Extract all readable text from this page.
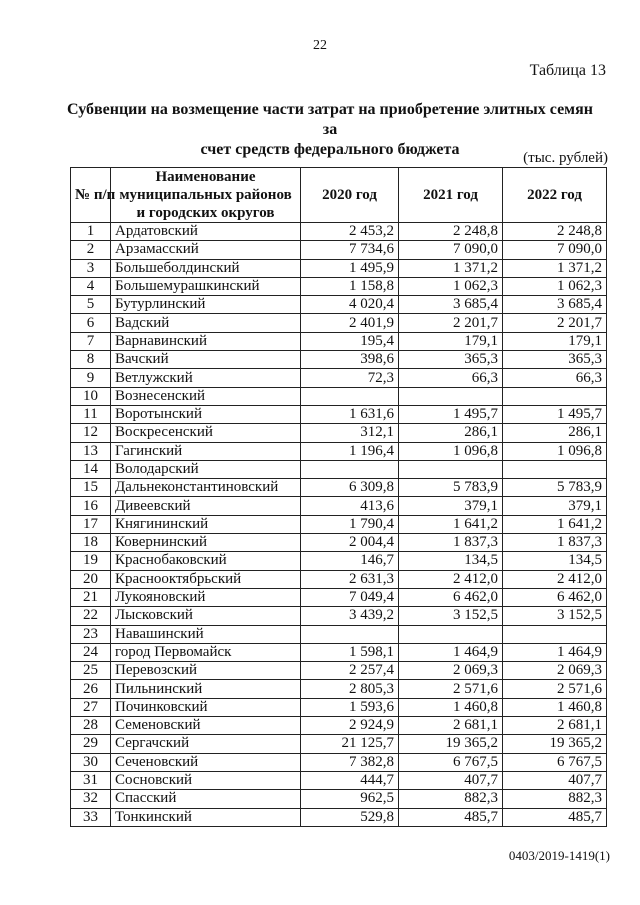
22
Таблица 13
Субвенции на возмещение части затрат на приобретение элитных семян за
счет средств федерального бюджета	(тыс. рублей)
№ п/п	Наименование муниципальных районов и городских округов	2020 год	2021 год	2022 год
1	Ардатовский	2 453,2	2 248,8	2 248,8
2	Арзамасский	7 734,6	7 090,0	7 090,0
3	Большеболдинский	1 495,9	1 371,2	1 371,2
4	Большемурашкинский	1 158,8	1 062,3	1 062,3
5	Бутурлинский	4 020,4	3 685,4	3 685,4
6	Вадский	2 401,9	2 201,7	2 201,7
7	Варнавинский	195,4	179,1	179,1
8	Вачский	398,6	365,3	365,3
9	Ветлужский	72,3	66,3	66,3
10	Вознесенский			
11	Воротынский	1 631,6	1 495,7	1 495,7
12	Воскресенский	312,1	286,1	286,1
13	Гагинский	1 196,4	1 096,8	1 096,8
14	Володарский			
15	Дальнеконстантиновский	6 309,8	5 783,9	5 783,9
16	Дивеевский	413,6	379,1	379,1
17	Княгининский	1 790,4	1 641,2	1 641,2
18	Ковернинский	2 004,4	1 837,3	1 837,3
19	Краснобаковский	146,7	134,5	134,5
20	Краснооктябрьский	2 631,3	2 412,0	2 412,0
21	Лукояновский	7 049,4	6 462,0	6 462,0
22	Лысковский	3 439,2	3 152,5	3 152,5
23	Навашинский			
24	город Первомайск	1 598,1	1 464,9	1 464,9
25	Перевозский	2 257,4	2 069,3	2 069,3
26	Пильнинский	2 805,3	2 571,6	2 571,6
27	Починковский	1 593,6	1 460,8	1 460,8
28	Семеновский	2 924,9	2 681,1	2 681,1
29	Сергачский	21 125,7	19 365,2	19 365,2
30	Сеченовский	7 382,8	6 767,5	6 767,5
31	Сосновский	444,7	407,7	407,7
32	Спасский	962,5	882,3	882,3
33	Тонкинский	529,8	485,7	485,7
0403/2019-1419(1)
